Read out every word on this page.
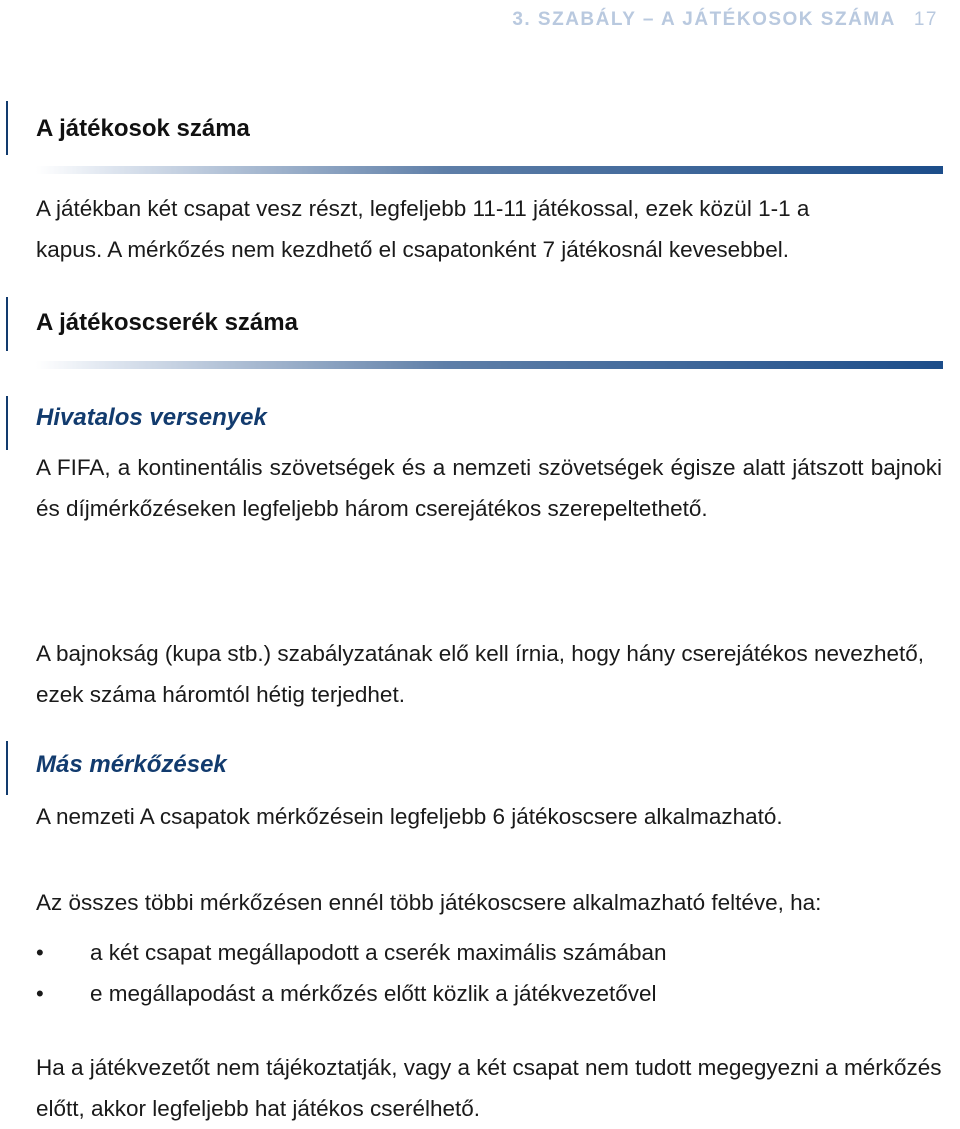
3. SZABÁLY – A JÁTÉKOSOK SZÁMA 17
A játékosok száma
A játékban két csapat vesz részt, legfeljebb 11-11 játékossal, ezek közül 1-1 a
kapus. A mérkőzés nem kezdhető el csapatonként 7 játékosnál kevesebbel.
A játékoscserék száma
Hivatalos versenyek

A FIFA, a kontinentális szövetségek és a nemzeti szövetségek égisze alatt játszott bajnoki és díjmérkőzéseken legfeljebb három cserejátékos szerepeltethető.

A bajnokság (kupa stb.) szabályzatának elő kell írnia, hogy hány cserejátékos nevezhető, ezek száma háromtól hétig terjedhet.

Más mérkőzések

A nemzeti A csapatok mérkőzésein legfeljebb 6 játékoscsere alkalmazható.

Az összes többi mérkőzésen ennél több játékoscsere alkalmazható feltéve, ha:

• a két csapat megállapodott a cserék maximális számában
• e megállapodást a mérkőzés előtt közlik a játékvezetővel

Ha a játékvezetőt nem tájékoztatják, vagy a két csapat nem tudott megegyezni a mérkőzés előtt, akkor legfeljebb hat játékos cserélhető.
